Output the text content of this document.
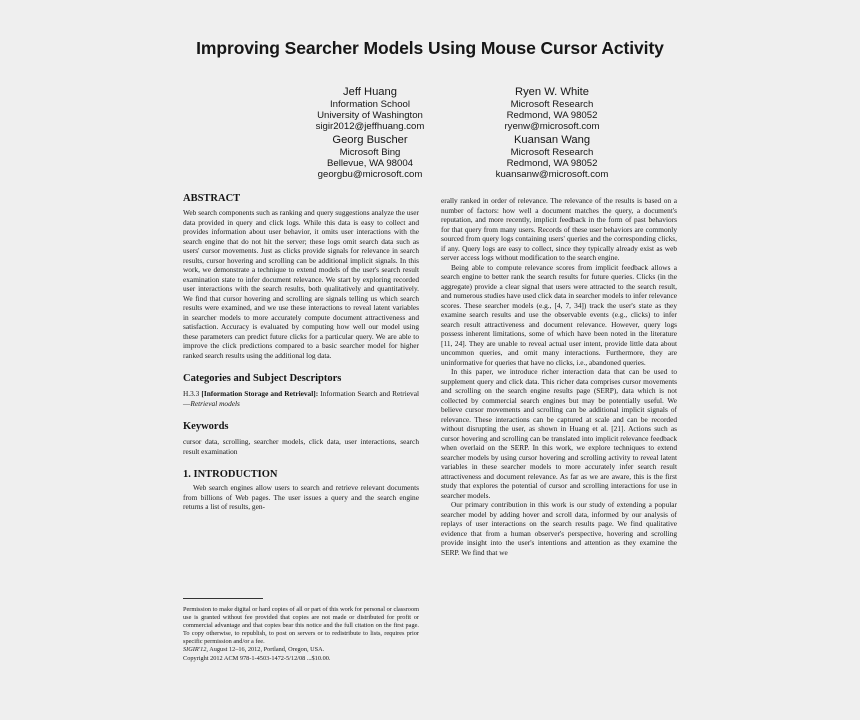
Improving Searcher Models Using Mouse Cursor Activity
Jeff Huang
Information School
University of Washington
sigir2012@jeffhuang.com
Ryen W. White
Microsoft Research
Redmond, WA 98052
ryenw@microsoft.com
Georg Buscher
Microsoft Bing
Bellevue, WA 98004
georgbu@microsoft.com
Kuansan Wang
Microsoft Research
Redmond, WA 98052
kuansanw@microsoft.com
ABSTRACT

Web search components such as ranking and query suggestions analyze the user data provided in query and click logs. While this data is easy to collect and provides information about user behavior, it omits user interactions with the search engine that do not hit the server; these logs omit search data such as users' cursor movements. Just as clicks provide signals for relevance in search results, cursor hovering and scrolling can be additional implicit signals. In this work, we demonstrate a technique to extend models of the user's search result examination state to infer document relevance. We start by exploring recorded user interactions with the search results, both qualitatively and quantitatively. We find that cursor hovering and scrolling are signals telling us which search results were examined, and we use these interactions to reveal latent variables in searcher models to more accurately compute document attractiveness and satisfaction. Accuracy is evaluated by computing how well our model using these parameters can predict future clicks for a particular query. We are able to improve the click predictions compared to a basic searcher model for higher ranked search results using the additional log data.

Categories and Subject Descriptors

H.3.3 [Information Storage and Retrieval]: Information Search and Retrieval—Retrieval models

Keywords

cursor data, scrolling, searcher models, click data, user interactions, search result examination

1. INTRODUCTION

Web search engines allow users to search and retrieve relevant documents from billions of Web pages. The user issues a query and the search engine returns a list of results, gen-

Permission to make digital or hard copies of all or part of this work for personal or classroom use is granted without fee provided that copies are not made or distributed for profit or commercial advantage and that copies bear this notice and the full citation on the first page. To copy otherwise, to republish, to post on servers or to redistribute to lists, requires prior specific permission and/or a fee.

SIGIR'12, August 12–16, 2012, Portland, Oregon, USA.

Copyright 2012 ACM 978-1-4503-1472-5/12/08 ...$10.00.

erally ranked in order of relevance. The relevance of the results is based on a number of factors: how well a document matches the query, a document's reputation, and more recently, implicit feedback in the form of past behaviors for that query from many users. Records of these user behaviors are commonly sourced from query logs containing users' queries and the corresponding clicks, if any. Query logs are easy to collect, since they typically already exist as web server access logs without modification to the search engine.

Being able to compute relevance scores from implicit feedback allows a search engine to better rank the search results for future queries. Clicks (in the aggregate) provide a clear signal that users were attracted to the search result, and numerous studies have used click data in searcher models to infer relevance scores. These searcher models (e.g., [4, 7, 34]) track the user's state as they examine search results and use the observable events (e.g., clicks) to infer search result attractiveness and document relevance. However, query logs possess inherent limitations, some of which have been noted in the literature [11, 24]. They are unable to reveal actual user intent, provide little data about uncommon queries, and omit many interactions. Furthermore, they are uninformative for queries that have no clicks, i.e., abandoned queries.

In this paper, we introduce richer interaction data that can be used to supplement query and click data. This richer data comprises cursor movements and scrolling on the search engine results page (SERP), data which is not collected by commercial search engines but may be potentially useful. We believe cursor movements and scrolling can be additional implicit signals of relevance. These interactions can be captured at scale and can be recorded without disrupting the user, as shown in Huang et al. [21]. Actions such as cursor hovering and scrolling can be translated into implicit relevance feedback when overlaid on the SERP. In this work, we explore techniques to extend searcher models by using cursor hovering and scrolling activity to reveal latent variables in these searcher models to more accurately infer search result attractiveness and document relevance. As far as we are aware, this is the first study that explores the potential of cursor and scrolling interactions for use in searcher models.

Our primary contribution in this work is our study of extending a popular searcher model by adding hover and scroll data, informed by our analysis of replays of user interactions on the search results page. We find qualitative evidence that from a human observer's perspective, hovering and scrolling provide insight into the user's intentions and attention as they examine the SERP. We find that we
